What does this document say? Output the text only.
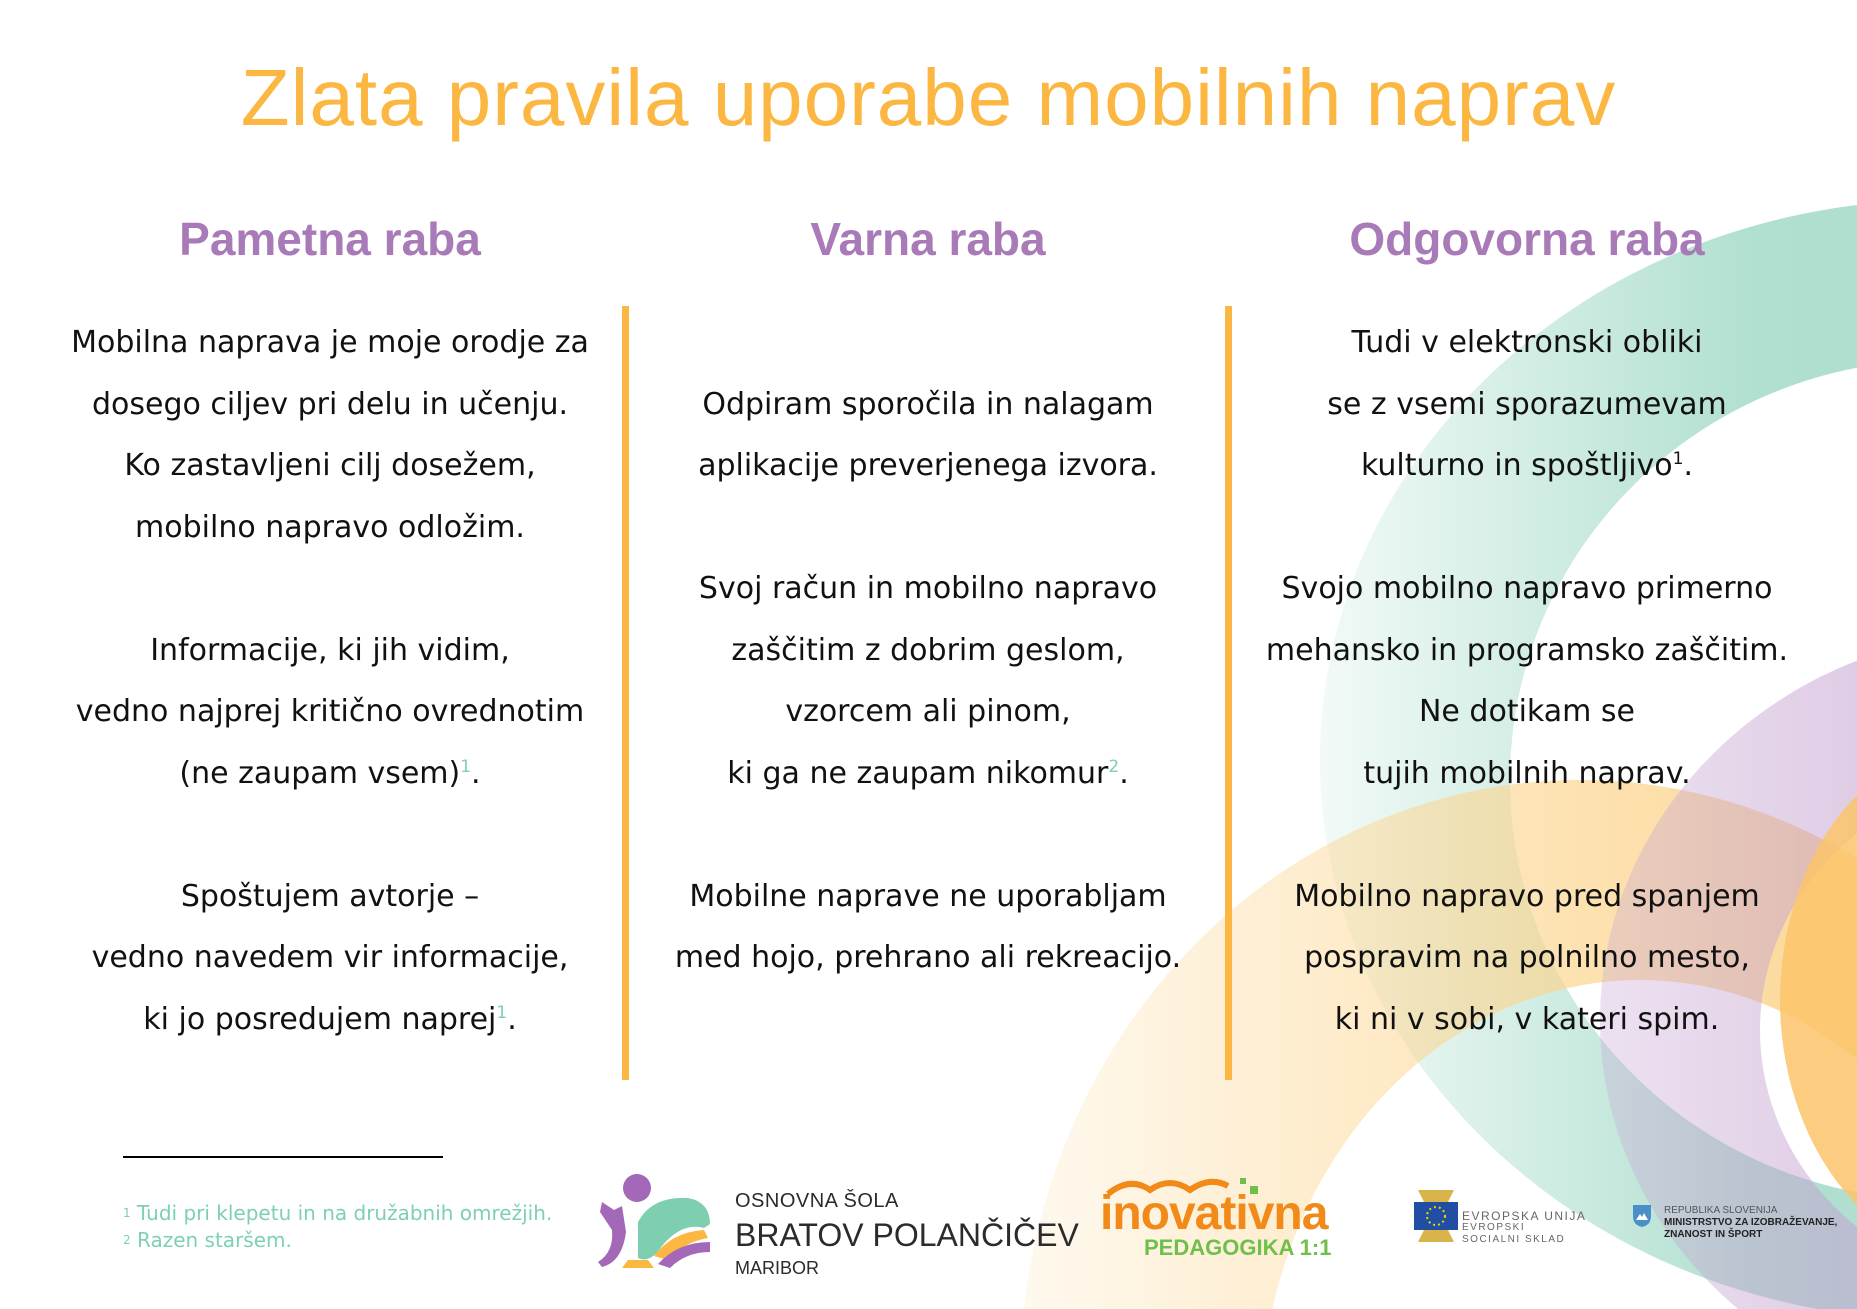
Zlata pravila uporabe mobilnih naprav
Pametna raba
Mobilna naprava je moje orodje za
dosego ciljev pri delu in učenju.
Ko zastavljeni cilj dosežem,
mobilno napravo odložim.
Informacije, ki jih vidim,
vedno najprej kritično ovrednotim
(ne zaupam vsem)$^1$.
Spoštujem avtorje –
vedno navedem vir informacije,
ki jo posredujem naprej$^1$.
Varna raba
Odpiram sporočila in nalagam
aplikacije preverjenega izvora.
Svoj račun in mobilno napravo
zaščitim z dobrim geslom,
vzorcem ali pinom,
ki ga ne zaupam nikomur$^2$.
Mobilne naprave ne uporabljam
med hojo, prehrano ali rekreacijo.
Odgovorna raba
Tudi v elektronski obliki
se z vsemi sporazumevam
kulturno in spoštljivo$^1$.
Svojo mobilno napravo primerno
mehansko in programsko zaščitim.
Ne dotikam se
tujih mobilnih naprav.
Mobilno napravo pred spanjem
pospravim na polnilno mesto,
ki ni v sobi, v kateri spim.
$^1$ Tudi pri klepetu in na družabnih omrežjih.
$^2$ Razen staršem.
OSNOVNA ŠOLA
BRATOV POLANČIČEV
MARIBOR
inovativna
PEDAGOGIKA 1:1
EVROPSKA UNIJA
EVROPSKI
SOCIALNI SKLAD
REPUBLIKA SLOVENIJA
MINISTRSTVO ZA IZOBRAŽEVANJE,
ZNANOST IN ŠPORT
